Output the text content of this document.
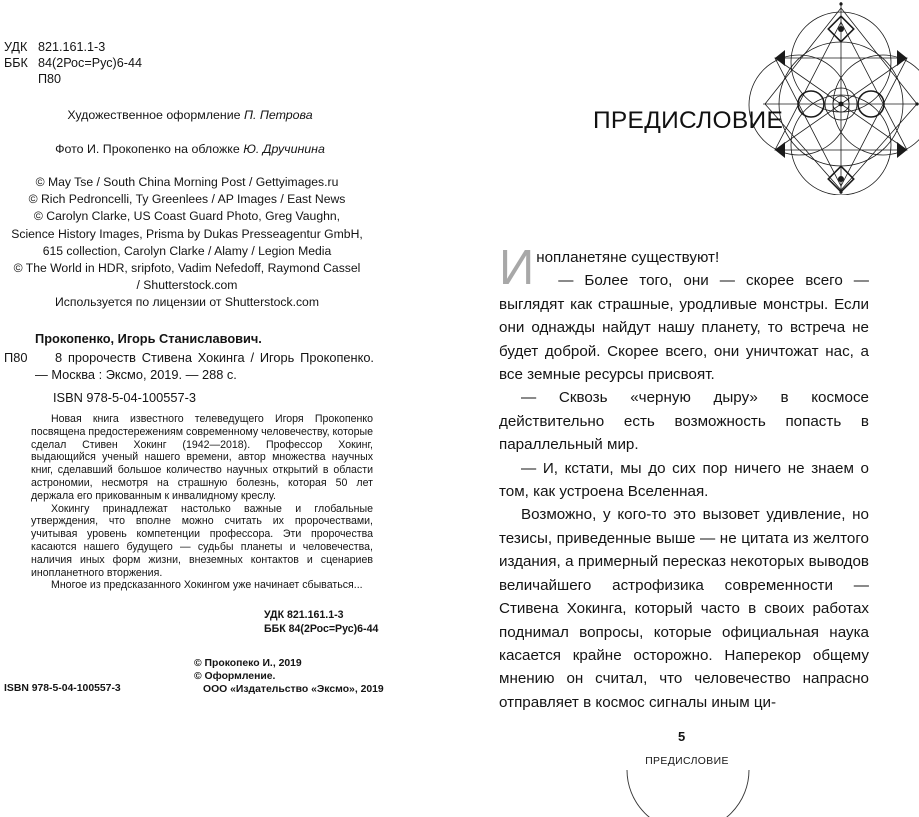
УДК 821.161.1-3
ББК 84(2Рос=Рус)6-44
П80
Художественное оформление П. Петрова
Фото И. Прокопенко на обложке Ю. Дручинина
© May Tse / South China Morning Post / Gettyimages.ru
© Rich Pedroncelli, Ty Greenlees / AP Images / East News
© Carolyn Clarke, US Coast Guard Photo, Greg Vaughn,
Science History Images, Prisma by Dukas Presseagentur GmbH,
615 collection, Carolyn Clarke / Alamy / Legion Media
© The World in HDR, sripfoto, Vadim Nefedoff, Raymond Cassel
/ Shutterstock.com
Используется по лицензии от Shutterstock.com
Прокопенко, Игорь Станиславович.
П80	8 пророчеств Стивена Хокинга / Игорь Прокопенко. — Москва : Эксмо, 2019. — 288 с.
ISBN 978-5-04-100557-3

Новая книга известного телеведущего Игоря Прокопенко посвящена предостережениям современному человечеству, которые сделал Стивен Хокинг (1942—2018). Профессор Хокинг, выдающийся ученый нашего времени, автор множества научных книг, сделавший большое количество научных открытий в области астрономии, несмотря на страшную болезнь, которая 50 лет держала его прикованным к инвалидному креслу.

Хокингу принадлежат настолько важные и глобальные утверждения, что вполне можно считать их пророчествами, учитывая уровень компетенции профессора. Эти пророчества касаются нашего будущего — судьбы планеты и человечества, наличия иных форм жизни, внеземных контактов и сценариев инопланетного вторжения.

Многое из предсказанного Хокингом уже начинает сбываться...

УДК 821.161.1-3
ББК 84(2Рос=Рус)6-44
© Прокопеко И., 2019
© Оформление.
ООО «Издательство «Эксмо», 2019
ISBN 978-5-04-100557-3
ПРЕДИСЛОВИЕ

Инопланетяне существуют!

— Более того, они — скорее всего — выглядят как страшные, уродливые монстры. Если они однажды найдут нашу планету, то встреча не будет доброй. Скорее всего, они уничтожат нас, а все земные ресурсы присвоят.

— Сквозь «черную дыру» в космосе действительно есть возможность попасть в параллельный мир.

— И, кстати, мы до сих пор ничего не знаем о том, как устроена Вселенная.

Возможно, у кого-то это вызовет удивление, но тезисы, приведенные выше — не цитата из желтого издания, а примерный пересказ некоторых выводов величайшего астрофизика современности — Стивена Хокинга, который часто в своих работах поднимал вопросы, которые официальная наука касается крайне осторожно. Наперекор общему мнению он считал, что человечество напрасно отправляет в космос сигналы иным ци-

5
ПРЕДИСЛОВИЕ
